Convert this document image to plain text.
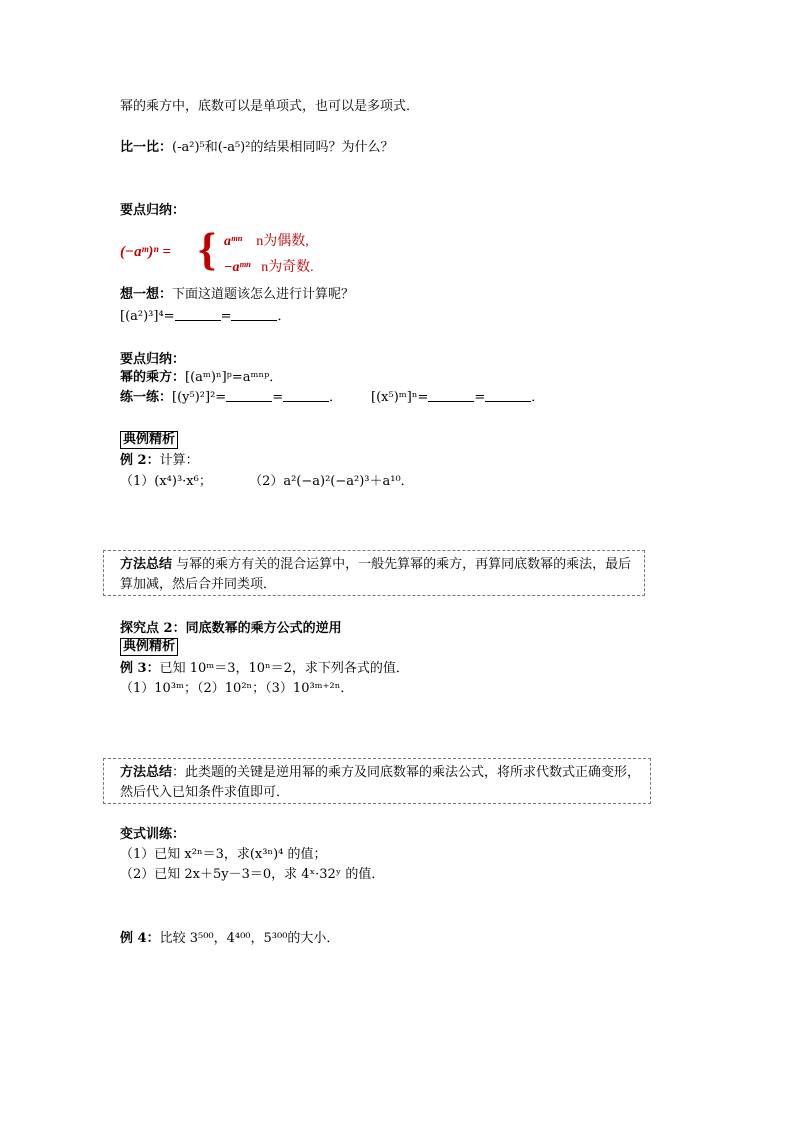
幂的乘方中，底数可以是单项式，也可以是多项式．
比一比：(-a²)⁵和(-a⁵)²的结果相同吗？为什么？
要点归纳：
(−aᵐ)ⁿ = { aᵐⁿ n为偶数,
−aᵐⁿ n为奇数.
想一想：下面这道题该怎么进行计算呢？
[(a²)³]⁴=	=	．
要点归纳：
幂的乘方：[(aᵐ)ⁿ]ᵖ=aᵐⁿᵖ．
练一练：[(y⁵)²]²=	=	．       [(x⁵)ᵐ]ⁿ=	=	．
典例精析
例 2：计算：
（1）(x⁴)³·x⁶；	（2）a²(−a)²(−a²)³＋a¹⁰．
方法总结 与幂的乘方有关的混合运算中，一般先算幂的乘方，再算同底数幂的乘法，最后
算加减，然后合并同类项．
探究点 2：同底数幂的乘方公式的逆用
典例精析
例 3：已知 10ᵐ＝3，10ⁿ＝2，求下列各式的值．
（1）10³ᵐ；（2）10²ⁿ；（3）10³ᵐ⁺²ⁿ．
方法总结：此类题的关键是逆用幂的乘方及同底数幂的乘法公式，将所求代数式正确变形，
然后代入已知条件求值即可．
变式训练：
（1）已知 x²ⁿ＝3，求(x³ⁿ)⁴ 的值；
（2）已知 2x＋5y－3＝0，求 4ˣ·32ʸ 的值．
例 4：比较 3⁵⁰⁰，4⁴⁰⁰，5³⁰⁰的大小．
